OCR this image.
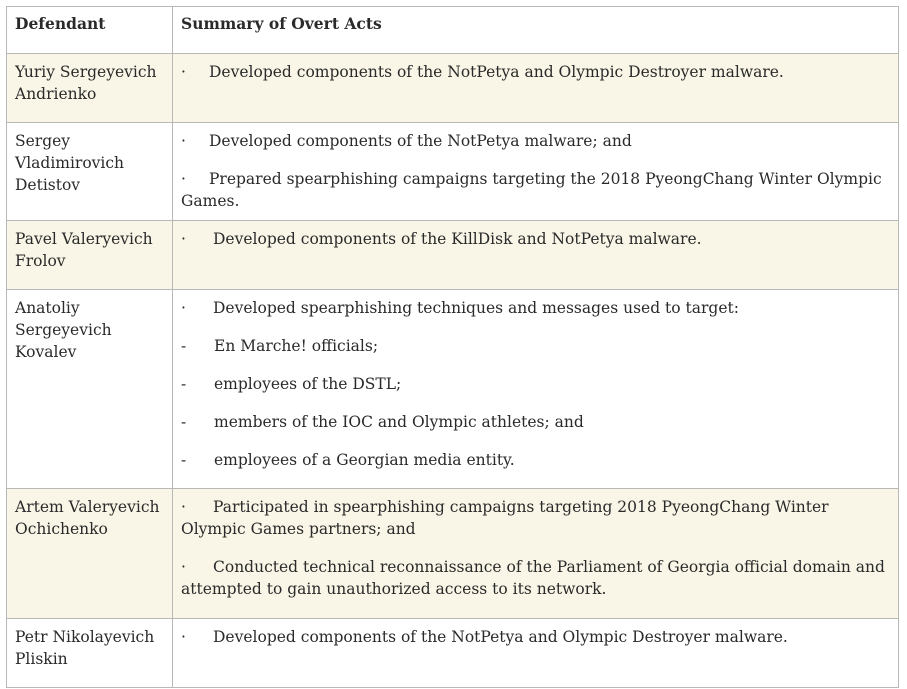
Defendant	Summary of Overt Acts
Yuriy Sergeyevich Andrienko	· Developed components of the NotPetya and Olympic Destroyer malware.

Sergey Vladimirovich Detistov	· Developed components of the NotPetya malware; and
· Prepared spearphishing campaigns targeting the 2018 PyeongChang Winter Olympic Games.

Pavel Valeryevich Frolov	· Developed components of the KillDisk and NotPetya malware.

Anatoliy Sergeyevich Kovalev	· Developed spearphishing techniques and messages used to target:
- En Marche! officials;
- employees of the DSTL;
- members of the IOC and Olympic athletes; and
- employees of a Georgian media entity.

Artem Valeryevich Ochichenko	· Participated in spearphishing campaigns targeting 2018 PyeongChang Winter Olympic Games partners; and
· Conducted technical reconnaissance of the Parliament of Georgia official domain and attempted to gain unauthorized access to its network.

Petr Nikolayevich Pliskin	· Developed components of the NotPetya and Olympic Destroyer malware.
